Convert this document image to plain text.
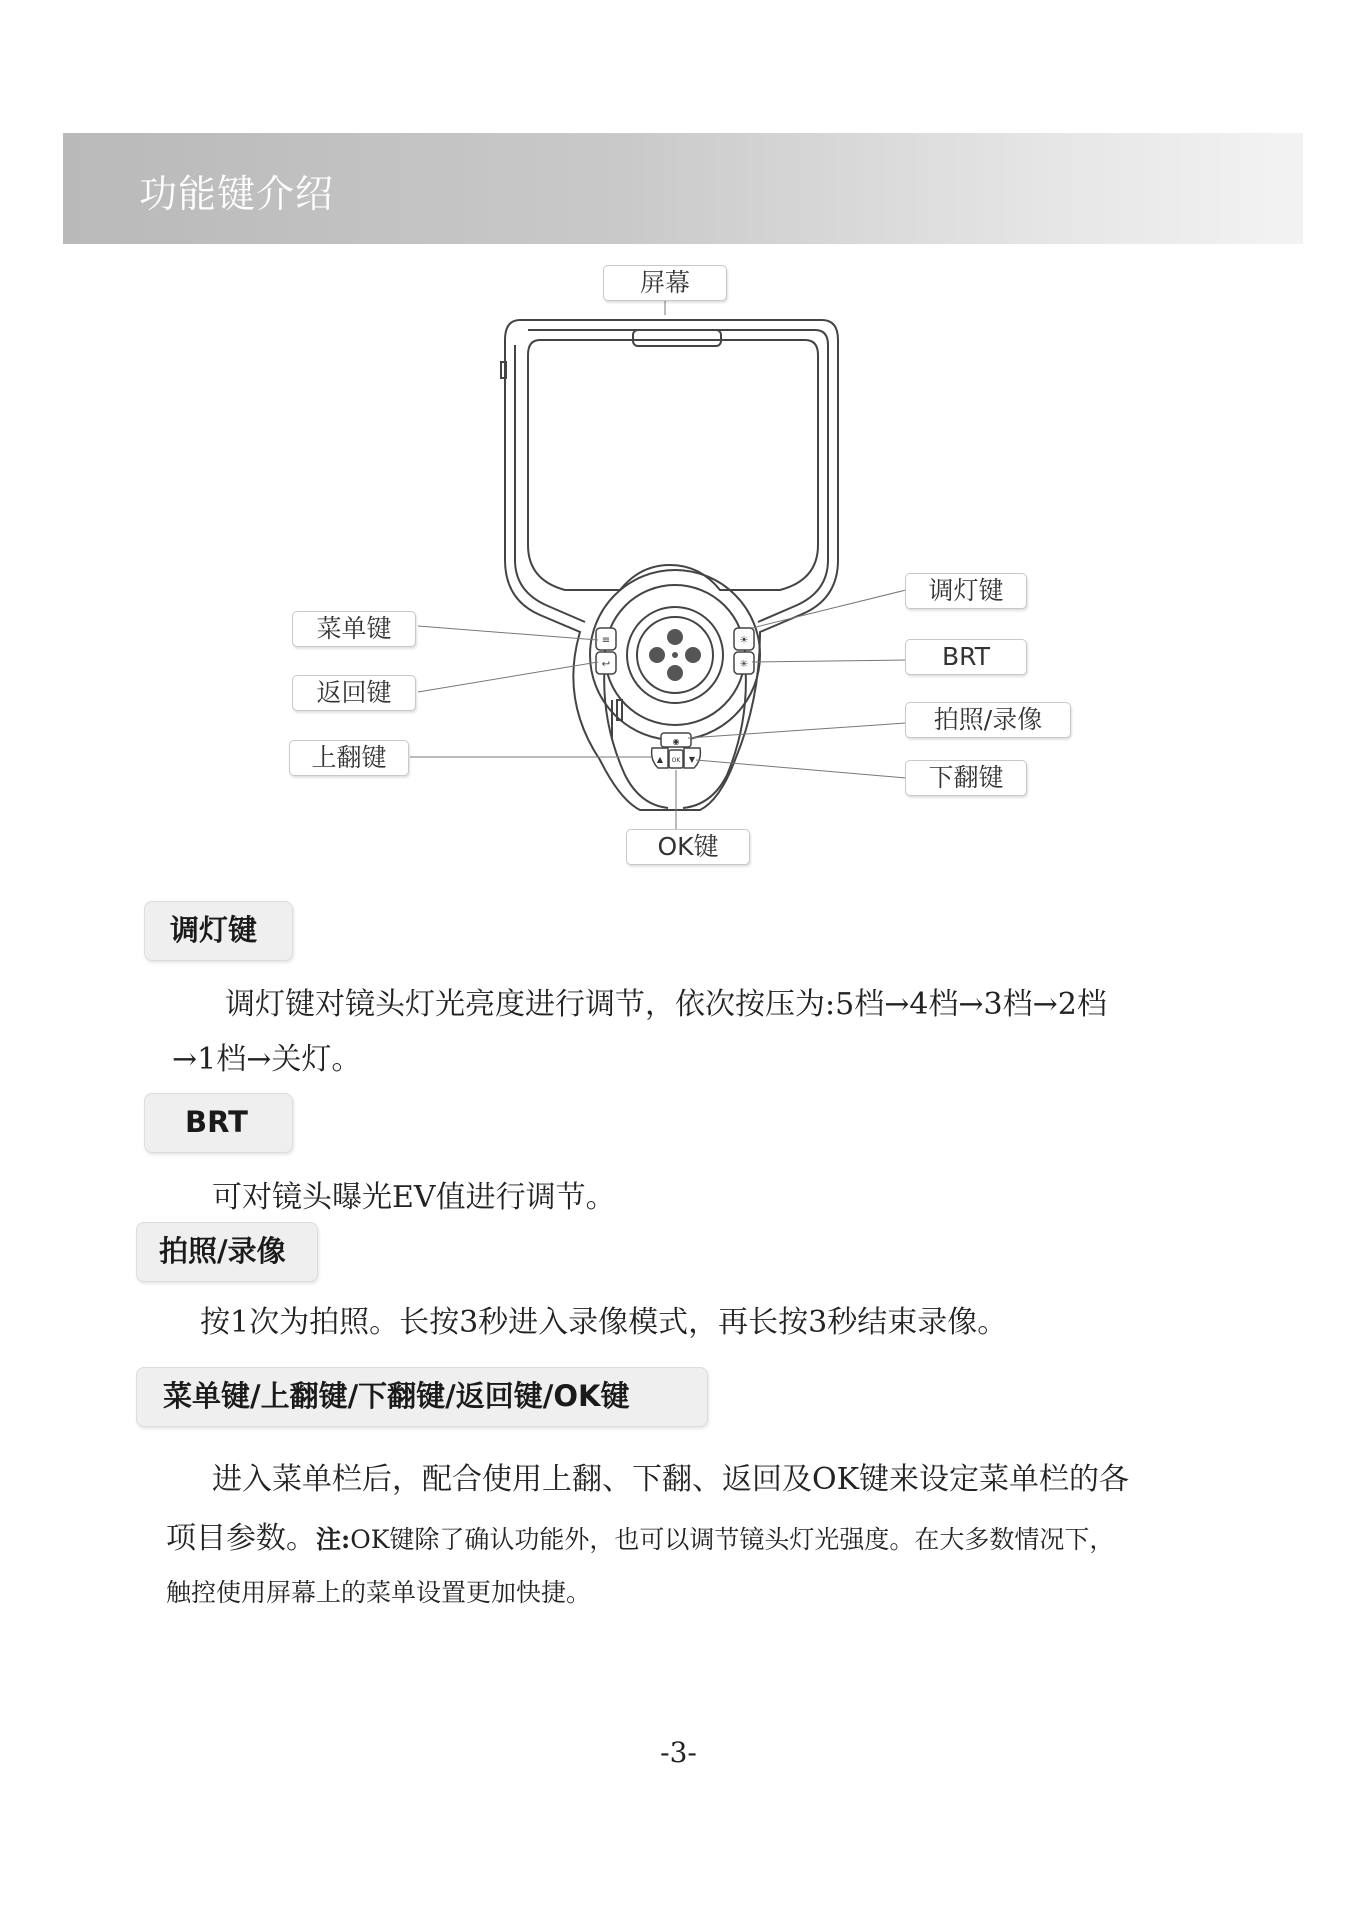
功能键介绍
≡
↩
☀
✳
◉
▲	▼
OK
屏幕
菜单键
返回键
上翻键
调灯键
BRT
拍照/录像
下翻键
OK键
调灯键
调灯键对镜头灯光亮度进行调节，依次按压为:5档→4档→3档→2档
→1档→关灯。
BRT
可对镜头曝光EV值进行调节。
拍照/录像
按1次为拍照。长按3秒进入录像模式，再长按3秒结束录像。
菜单键/上翻键/下翻键/返回键/OK键
进入菜单栏后，配合使用上翻、下翻、返回及OK键来设定菜单栏的各
项目参数。注:OK键除了确认功能外，也可以调节镜头灯光强度。在大多数情况下，
触控使用屏幕上的菜单设置更加快捷。
-3-
